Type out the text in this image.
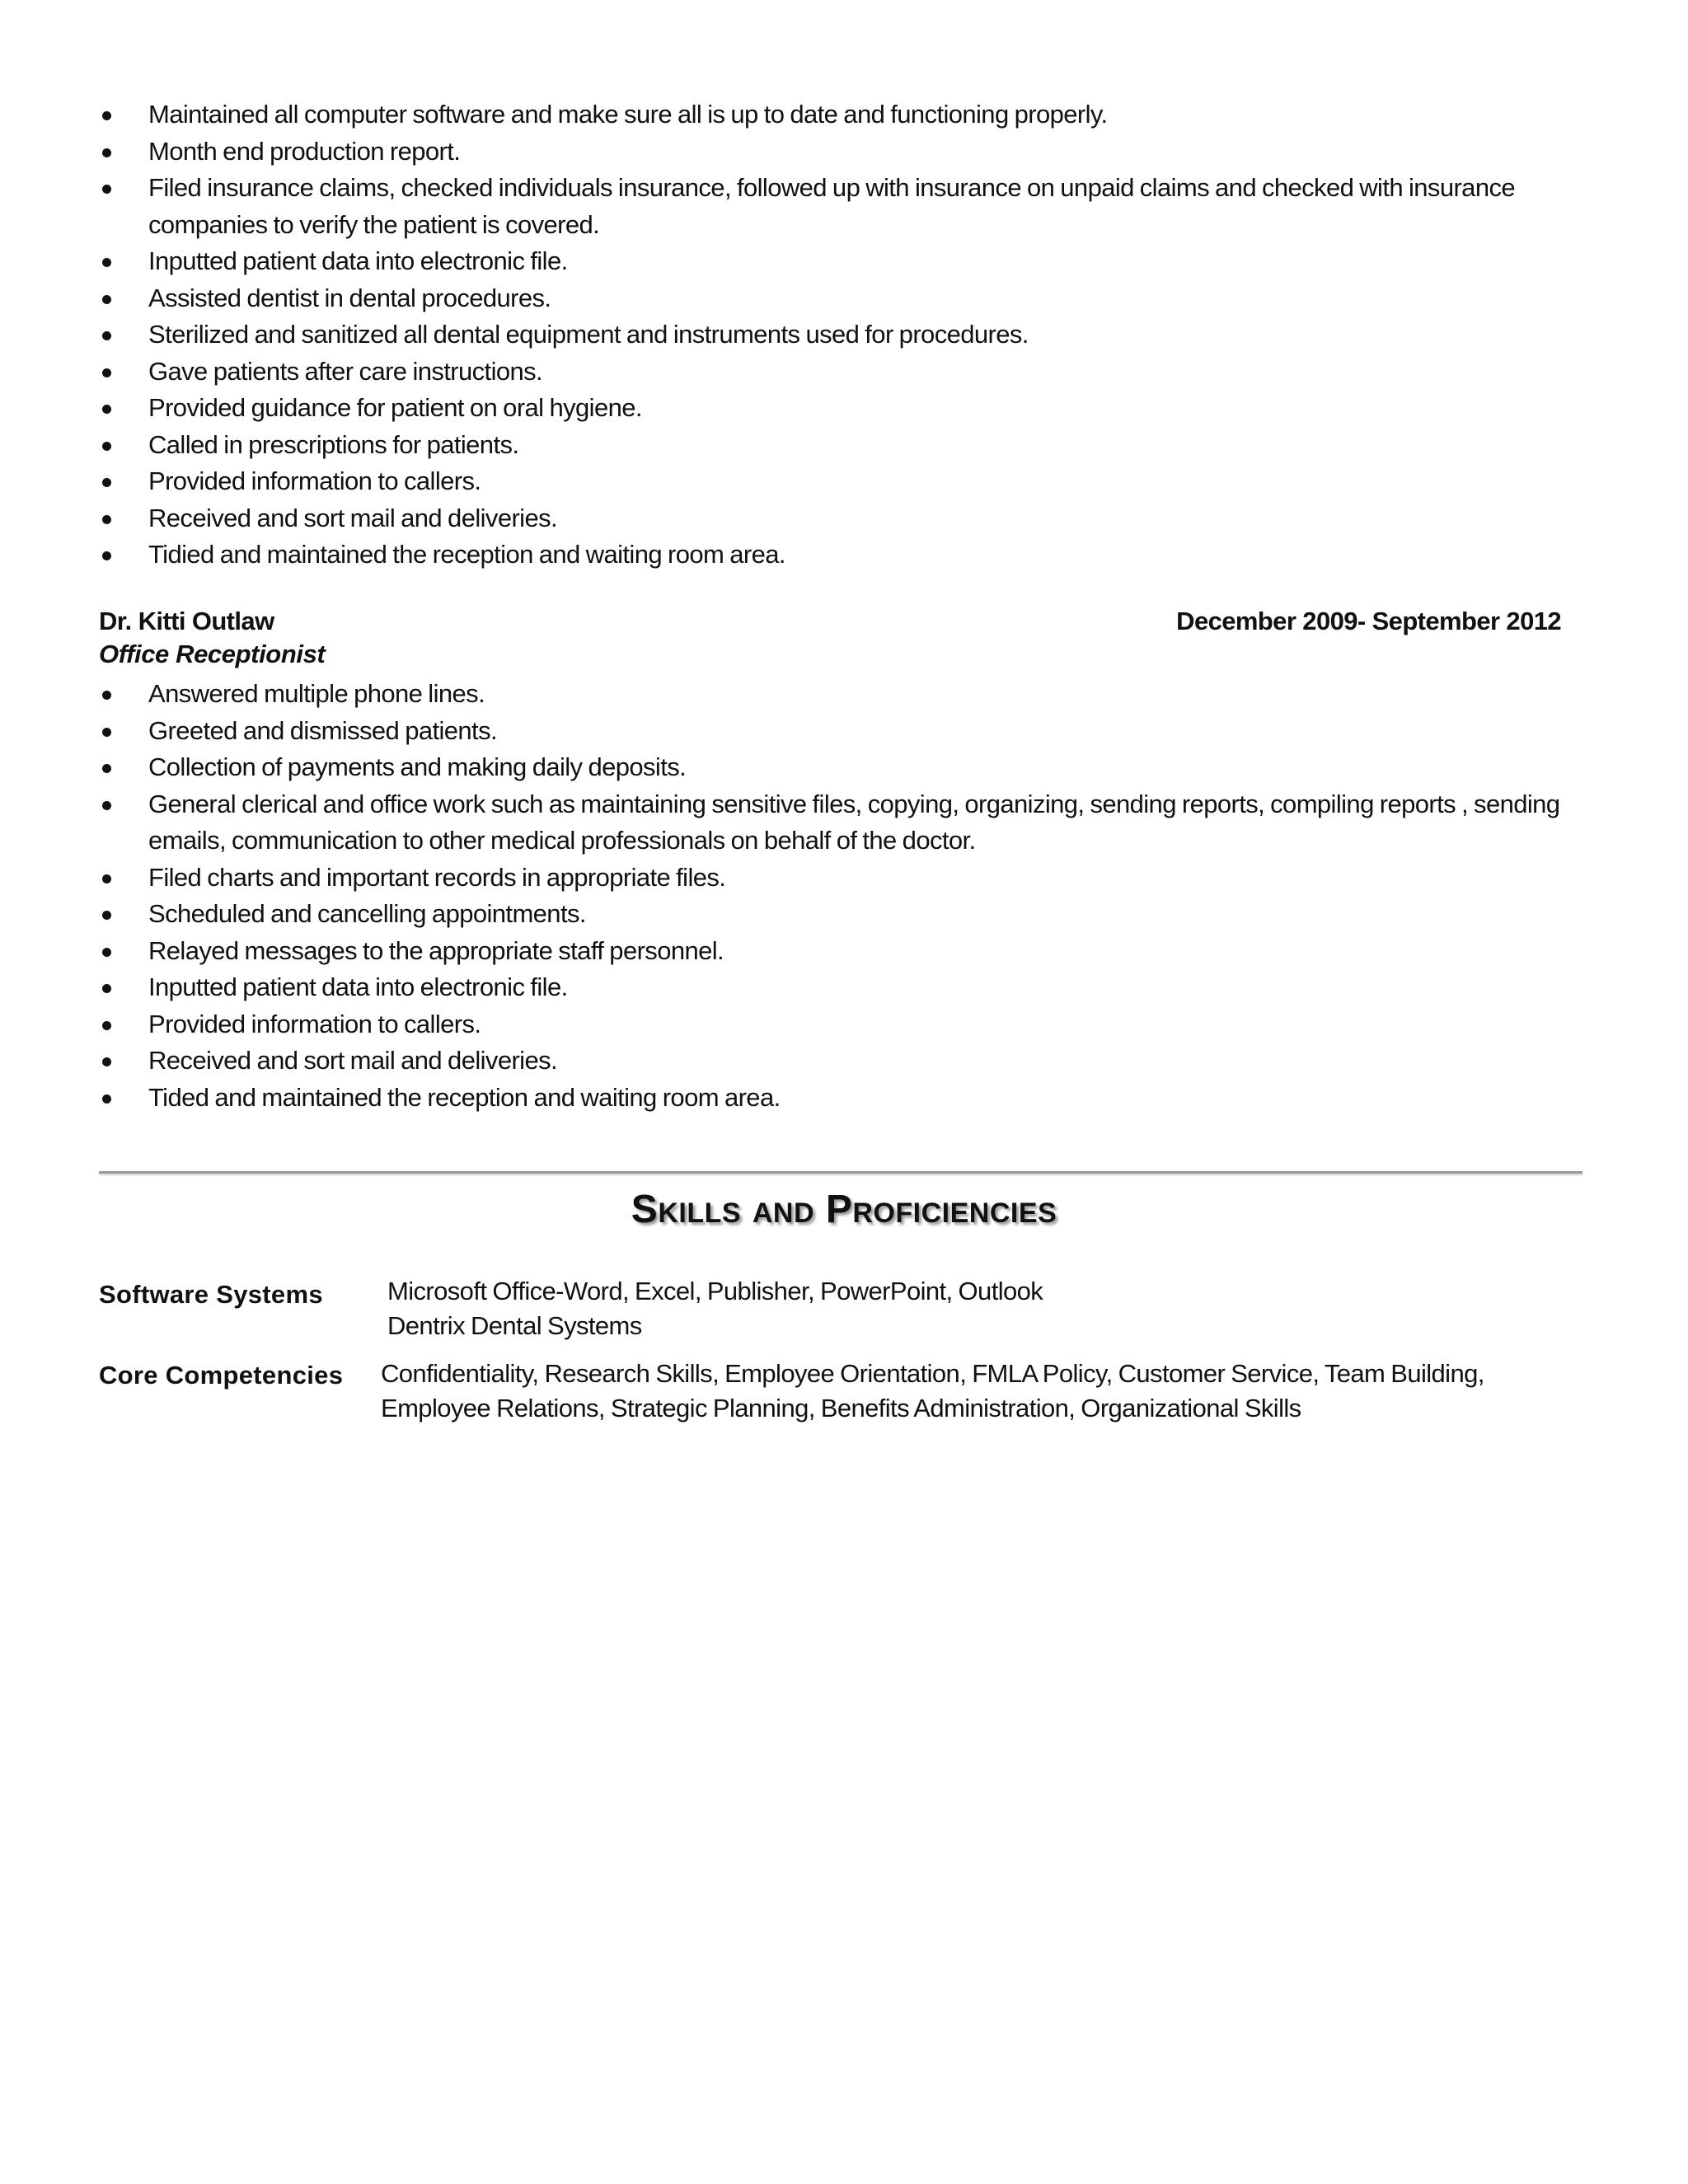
Maintained all computer software and make sure all is up to date and functioning properly.
Month end production report.
Filed insurance claims, checked individuals insurance, followed up with insurance on unpaid claims and checked with insurance companies to verify the patient is covered.
Inputted patient data into electronic file.
Assisted dentist in dental procedures.
Sterilized and sanitized all dental equipment and instruments used for procedures.
Gave patients after care instructions.
Provided guidance for patient on oral hygiene.
Called in prescriptions for patients.
Provided information to callers.
Received and sort mail and deliveries.
Tidied and maintained the reception and waiting room area.
Dr. Kitti Outlaw	December 2009- September 2012
Office Receptionist
Answered multiple phone lines.
Greeted and dismissed patients.
Collection of payments and making daily deposits.
General clerical and office work such as maintaining sensitive files, copying, organizing, sending reports, compiling reports , sending emails, communication to other medical professionals on behalf of the doctor.
Filed charts and important records in appropriate files.
Scheduled and cancelling appointments.
Relayed messages to the appropriate staff personnel.
Inputted patient data into electronic file.
Provided information to callers.
Received and sort mail and deliveries.
Tided and maintained the reception and waiting room area.
Skills and Proficiencies
Software Systems	Microsoft Office-Word, Excel, Publisher, PowerPoint, Outlook
Dentrix Dental Systems
Core Competencies Confidentiality, Research Skills, Employee Orientation, FMLA Policy, Customer Service, Team Building,
Employee Relations, Strategic Planning, Benefits Administration, Organizational Skills
